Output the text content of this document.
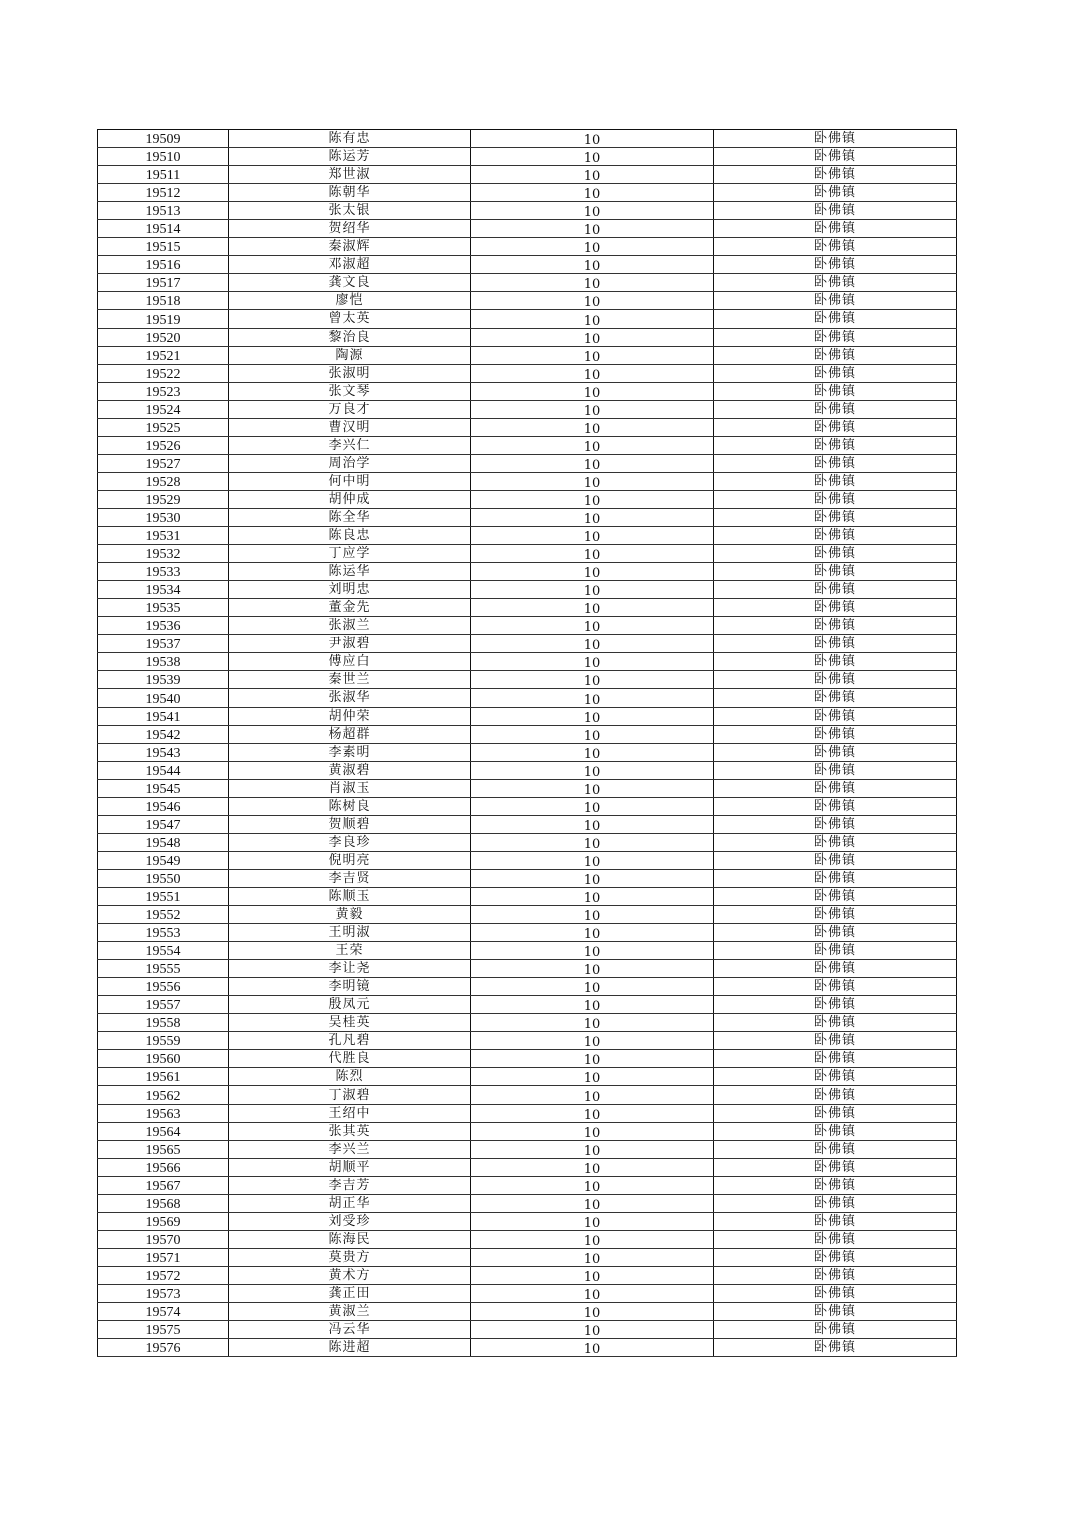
19509	陈有忠	10	卧佛镇
19510	陈运芳	10	卧佛镇
19511	郑世淑	10	卧佛镇
19512	陈朝华	10	卧佛镇
19513	张太银	10	卧佛镇
19514	贺绍华	10	卧佛镇
19515	秦淑辉	10	卧佛镇
19516	邓淑超	10	卧佛镇
19517	龚文良	10	卧佛镇
19518	廖恺	10	卧佛镇
19519	曾太英	10	卧佛镇
19520	黎治良	10	卧佛镇
19521	陶源	10	卧佛镇
19522	张淑明	10	卧佛镇
19523	张文琴	10	卧佛镇
19524	万良才	10	卧佛镇
19525	曹汉明	10	卧佛镇
19526	李兴仁	10	卧佛镇
19527	周治学	10	卧佛镇
19528	何中明	10	卧佛镇
19529	胡仲成	10	卧佛镇
19530	陈全华	10	卧佛镇
19531	陈良忠	10	卧佛镇
19532	丁应学	10	卧佛镇
19533	陈运华	10	卧佛镇
19534	刘明忠	10	卧佛镇
19535	董金先	10	卧佛镇
19536	张淑兰	10	卧佛镇
19537	尹淑碧	10	卧佛镇
19538	傅应白	10	卧佛镇
19539	秦世兰	10	卧佛镇
19540	张淑华	10	卧佛镇
19541	胡仲荣	10	卧佛镇
19542	杨超群	10	卧佛镇
19543	李素明	10	卧佛镇
19544	黄淑碧	10	卧佛镇
19545	肖淑玉	10	卧佛镇
19546	陈树良	10	卧佛镇
19547	贺顺碧	10	卧佛镇
19548	李良珍	10	卧佛镇
19549	倪明亮	10	卧佛镇
19550	李吉贤	10	卧佛镇
19551	陈顺玉	10	卧佛镇
19552	黄毅	10	卧佛镇
19553	王明淑	10	卧佛镇
19554	王荣	10	卧佛镇
19555	李让尧	10	卧佛镇
19556	李明镜	10	卧佛镇
19557	殷凤元	10	卧佛镇
19558	吴桂英	10	卧佛镇
19559	孔凡碧	10	卧佛镇
19560	代胜良	10	卧佛镇
19561	陈烈	10	卧佛镇
19562	丁淑碧	10	卧佛镇
19563	王绍中	10	卧佛镇
19564	张其英	10	卧佛镇
19565	李兴兰	10	卧佛镇
19566	胡顺平	10	卧佛镇
19567	李吉芳	10	卧佛镇
19568	胡正华	10	卧佛镇
19569	刘受珍	10	卧佛镇
19570	陈海民	10	卧佛镇
19571	莫贵方	10	卧佛镇
19572	黄术方	10	卧佛镇
19573	龚正田	10	卧佛镇
19574	黄淑兰	10	卧佛镇
19575	冯云华	10	卧佛镇
19576	陈进超	10	卧佛镇
